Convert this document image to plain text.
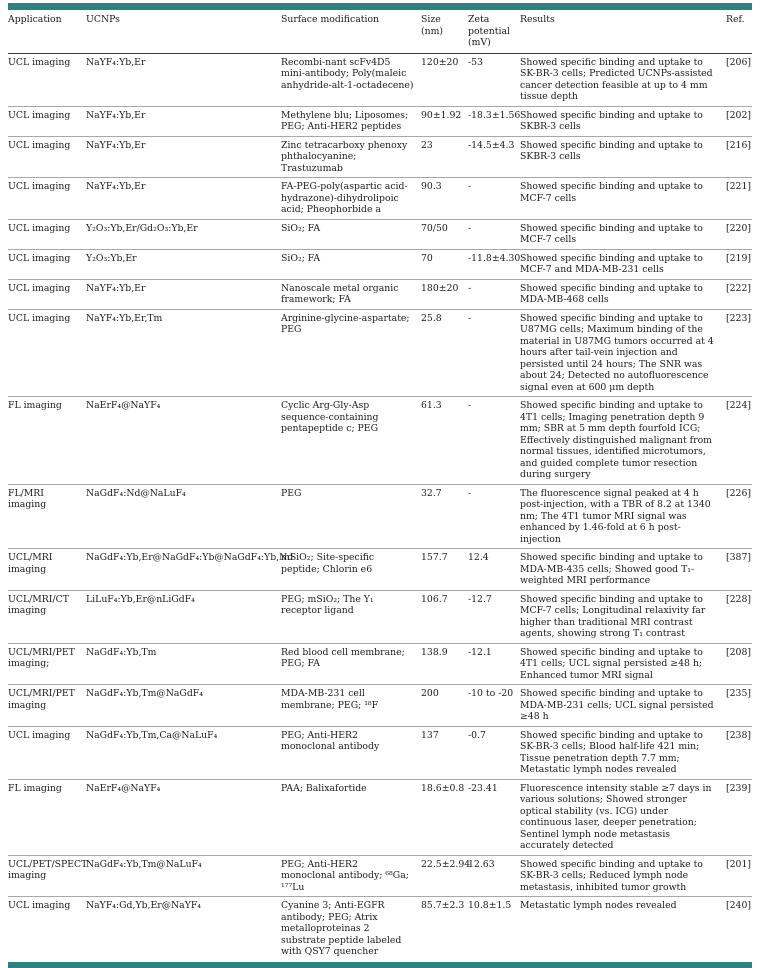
Application	UCNPs	Surface modification	Size (nm)	Zeta potential (mV)	Results	Ref.
UCL imaging	NaYF₄:Yb,Er	Recombi-nant scFv4D5 mini-antibody; Poly(maleic anhydride-alt-1-octadecene)	120±20	-53	Showed specific binding and uptake to SK-BR-3 cells; Predicted UCNPs-assisted cancer detection feasible at up to 4 mm tissue depth	[206]
UCL imaging	NaYF₄:Yb,Er	Methylene blu; Liposomes; PEG; Anti-HER2 peptides	90±1.92	-18.3±1.56	Showed specific binding and uptake to SKBR-3 cells	[202]
UCL imaging	NaYF₄:Yb,Er	Zinc tetracarboxy phenoxy phthalocyanine; Trastuzumab	23	-14.5±4.3	Showed specific binding and uptake to SKBR-3 cells	[216]
UCL imaging	NaYF₄:Yb,Er	FA-PEG-poly(aspartic acid-hydrazone)-dihydrolipoic acid; Pheophorbide a	90.3	-	Showed specific binding and uptake to MCF-7 cells	[221]
UCL imaging	Y₂O₃:Yb,Er/Gd₂O₃:Yb,Er	SiO₂; FA	70/50	-	Showed specific binding and uptake to MCF-7 cells	[220]
UCL imaging	Y₂O₃:Yb,Er	SiO₂; FA	70	-11.8±4.30	Showed specific binding and uptake to MCF-7 and MDA-MB-231 cells	[219]
UCL imaging	NaYF₄:Yb,Er	Nanoscale metal organic framework; FA	180±20	-	Showed specific binding and uptake to MDA-MB-468 cells	[222]
UCL imaging	NaYF₄:Yb,Er,Tm	Arginine-glycine-aspartate; PEG	25.8	-	Showed specific binding and uptake to U87MG cells; Maximum binding of the material in U87MG tumors occurred at 4 hours after tail-vein injection and persisted until 24 hours; The SNR was about 24; Detected no autofluorescence signal even at 600 μm depth	[223]
FL imaging	NaErF₄@NaYF₄	Cyclic Arg-Gly-Asp sequence-containing pentapeptide c; PEG	61.3	-	Showed specific binding and uptake to 4T1 cells; Imaging penetration depth 9 mm; SBR at 5 mm depth fourfold ICG; Effectively distinguished malignant from normal tissues, identified microtumors, and guided complete tumor resection during surgery	[224]
FL/MRI imaging	NaGdF₄:Nd@NaLuF₄	PEG	32.7	-	The fluorescence signal peaked at 4 h post-injection, with a TBR of 8.2 at 1340 nm; The 4T1 tumor MRI signal was enhanced by 1.46-fold at 6 h post-injection	[226]
UCL/MRI imaging	NaGdF₄:Yb,Er@NaGdF₄:Yb@NaGdF₄:Yb,Nd	mSiO₂; Site-specific peptide; Chlorin e6	157.7	12.4	Showed specific binding and uptake to MDA-MB-435 cells; Showed good T₁-weighted MRI performance	[387]
UCL/MRI/CT imaging	LiLuF₄:Yb,Er@nLiGdF₄	PEG; mSiO₂; The Y₁ receptor ligand	106.7	-12.7	Showed specific binding and uptake to MCF-7 cells; Longitudinal relaxivity far higher than traditional MRI contrast agents, showing strong T₁ contrast	[228]
UCL/MRI/PET imaging;	NaGdF₄:Yb,Tm	Red blood cell membrane; PEG; FA	138.9	-12.1	Showed specific binding and uptake to 4T1 cells; UCL signal persisted ≥48 h; Enhanced tumor MRI signal	[208]
UCL/MRI/PET imaging	NaGdF₄:Yb,Tm@NaGdF₄	MDA-MB-231 cell membrane; PEG; ¹⁸F	200	-10 to -20	Showed specific binding and uptake to MDA-MB-231 cells; UCL signal persisted ≥48 h	[235]
UCL imaging	NaGdF₄:Yb,Tm,Ca@NaLuF₄	PEG; Anti-HER2 monoclonal antibody	137	-0.7	Showed specific binding and uptake to SK-BR-3 cells; Blood half-life 421 min; Tissue penetration depth 7.7 mm; Metastatic lymph nodes revealed	[238]
FL imaging	NaErF₄@NaYF₄	PAA; Balixafortide	18.6±0.8	-23.41	Fluorescence intensity stable ≥7 days in various solutions; Showed stronger optical stability (vs. ICG) under continuous laser, deeper penetration; Sentinel lymph node metastasis accurately detected	[239]
UCL/PET/SPECT imaging	NaGdF₄:Yb,Tm@NaLuF₄	PEG; Anti-HER2 monoclonal antibody; ⁶⁸Ga; ¹⁷⁷Lu	22.5±2.94	12.63	Showed specific binding and uptake to SK-BR-3 cells; Reduced lymph node metastasis, inhibited tumor growth	[201]
UCL imaging	NaYF₄:Gd,Yb,Er@NaYF₄	Cyanine 3; Anti-EGFR antibody; PEG; Atrix metalloproteinas 2 substrate peptide labeled with QSY7 quencher	85.7±2.3	10.8±1.5	Metastatic lymph nodes revealed	[240]
